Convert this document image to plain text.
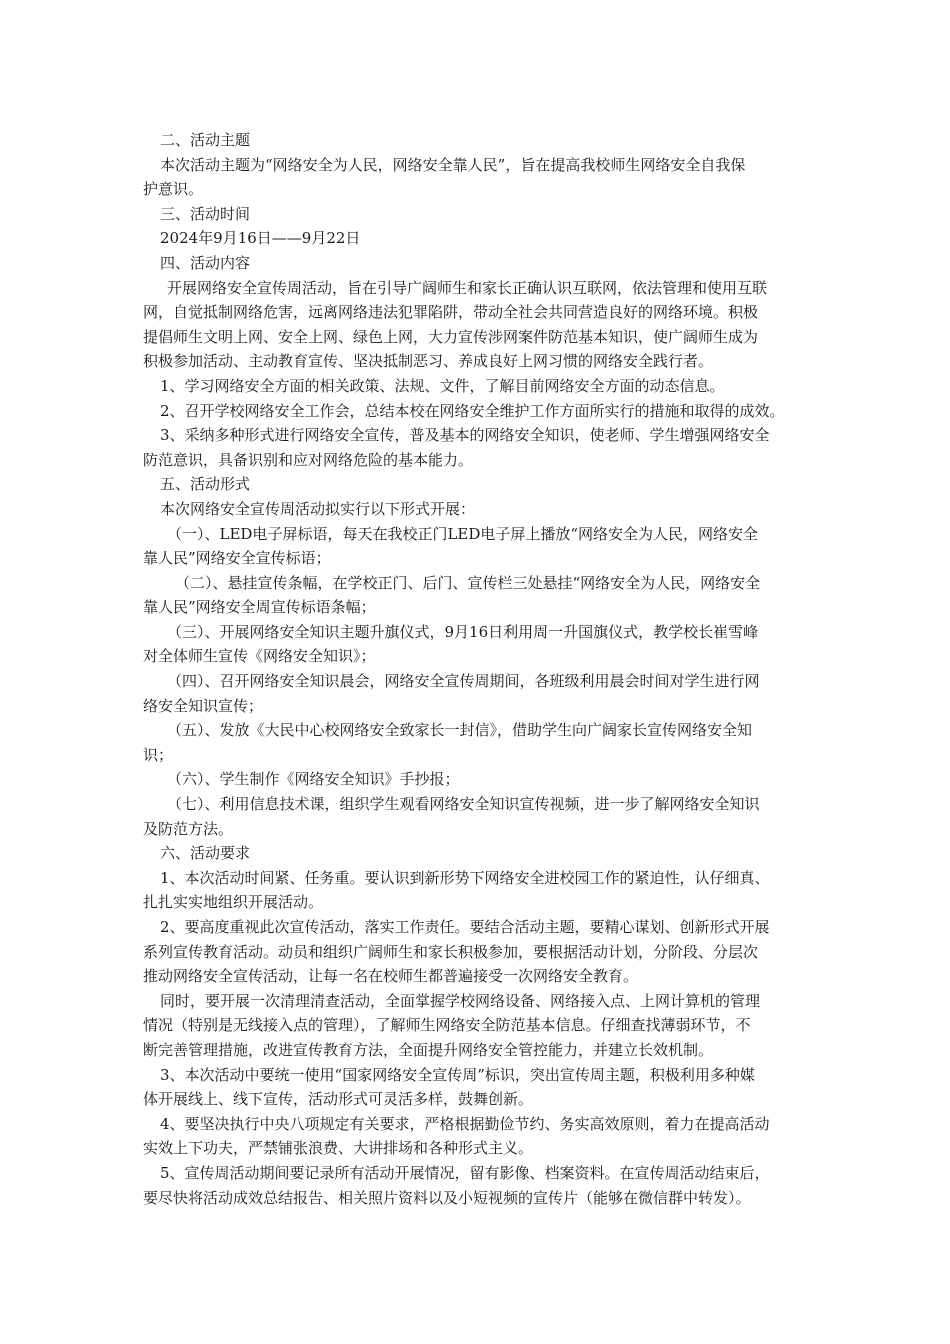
二、活动主题
本次活动主题为“网络安全为人民，网络安全靠人民”，旨在提高我校师生网络安全自我保
护意识。
三、活动时间
2024年9月16日——9月22日
四、活动内容
开展网络安全宣传周活动，旨在引导广阔师生和家长正确认识互联网，依法管理和使用互联
网，自觉抵制网络危害，远离网络违法犯罪陷阱，带动全社会共同营造良好的网络环境。积极
提倡师生文明上网、安全上网、绿色上网，大力宣传涉网案件防范基本知识，使广阔师生成为
积极参加活动、主动教育宣传、坚决抵制恶习、养成良好上网习惯的网络安全践行者。
1、学习网络安全方面的相关政策、法规、文件，了解目前网络安全方面的动态信息。
2、召开学校网络安全工作会，总结本校在网络安全维护工作方面所实行的措施和取得的成效。
3、采纳多种形式进行网络安全宣传，普及基本的网络安全知识，使老师、学生增强网络安全
防范意识，具备识别和应对网络危险的基本能力。
五、活动形式
本次网络安全宣传周活动拟实行以下形式开展：
（一）、LED电子屏标语，每天在我校正门LED电子屏上播放“网络安全为人民，网络安全
靠人民”网络安全宣传标语；
（二）、悬挂宣传条幅，在学校正门、后门、宣传栏三处悬挂“网络安全为人民，网络安全
靠人民”网络安全周宣传标语条幅；
（三）、开展网络安全知识主题升旗仪式，9月16日利用周一升国旗仪式，教学校长崔雪峰
对全体师生宣传《网络安全知识》；
（四）、召开网络安全知识晨会，网络安全宣传周期间，各班级利用晨会时间对学生进行网
络安全知识宣传；
（五）、发放《大民中心校网络安全致家长一封信》，借助学生向广阔家长宣传网络安全知
识；
（六）、学生制作《网络安全知识》手抄报；
（七）、利用信息技术课，组织学生观看网络安全知识宣传视频，进一步了解网络安全知识
及防范方法。
六、活动要求
1、本次活动时间紧、任务重。要认识到新形势下网络安全进校园工作的紧迫性，认仔细真、
扎扎实实地组织开展活动。
2、要高度重视此次宣传活动，落实工作责任。要结合活动主题，要精心谋划、创新形式开展
系列宣传教育活动。动员和组织广阔师生和家长积极参加，要根据活动计划，分阶段、分层次
推动网络安全宣传活动，让每一名在校师生都普遍接受一次网络安全教育。
同时，要开展一次清理清查活动，全面掌握学校网络设备、网络接入点、上网计算机的管理
情况（特别是无线接入点的管理），了解师生网络安全防范基本信息。仔细查找薄弱环节，不
断完善管理措施，改进宣传教育方法，全面提升网络安全管控能力，并建立长效机制。
3、本次活动中要统一使用“国家网络安全宣传周”标识，突出宣传周主题，积极利用多种媒
体开展线上、线下宣传，活动形式可灵活多样，鼓舞创新。
4、要坚决执行中央八项规定有关要求，严格根据勤俭节约、务实高效原则，着力在提高活动
实效上下功夫，严禁铺张浪费、大讲排场和各种形式主义。
5、宣传周活动期间要记录所有活动开展情况，留有影像、档案资料。在宣传周活动结束后，
要尽快将活动成效总结报告、相关照片资料以及小短视频的宣传片（能够在微信群中转发）。
